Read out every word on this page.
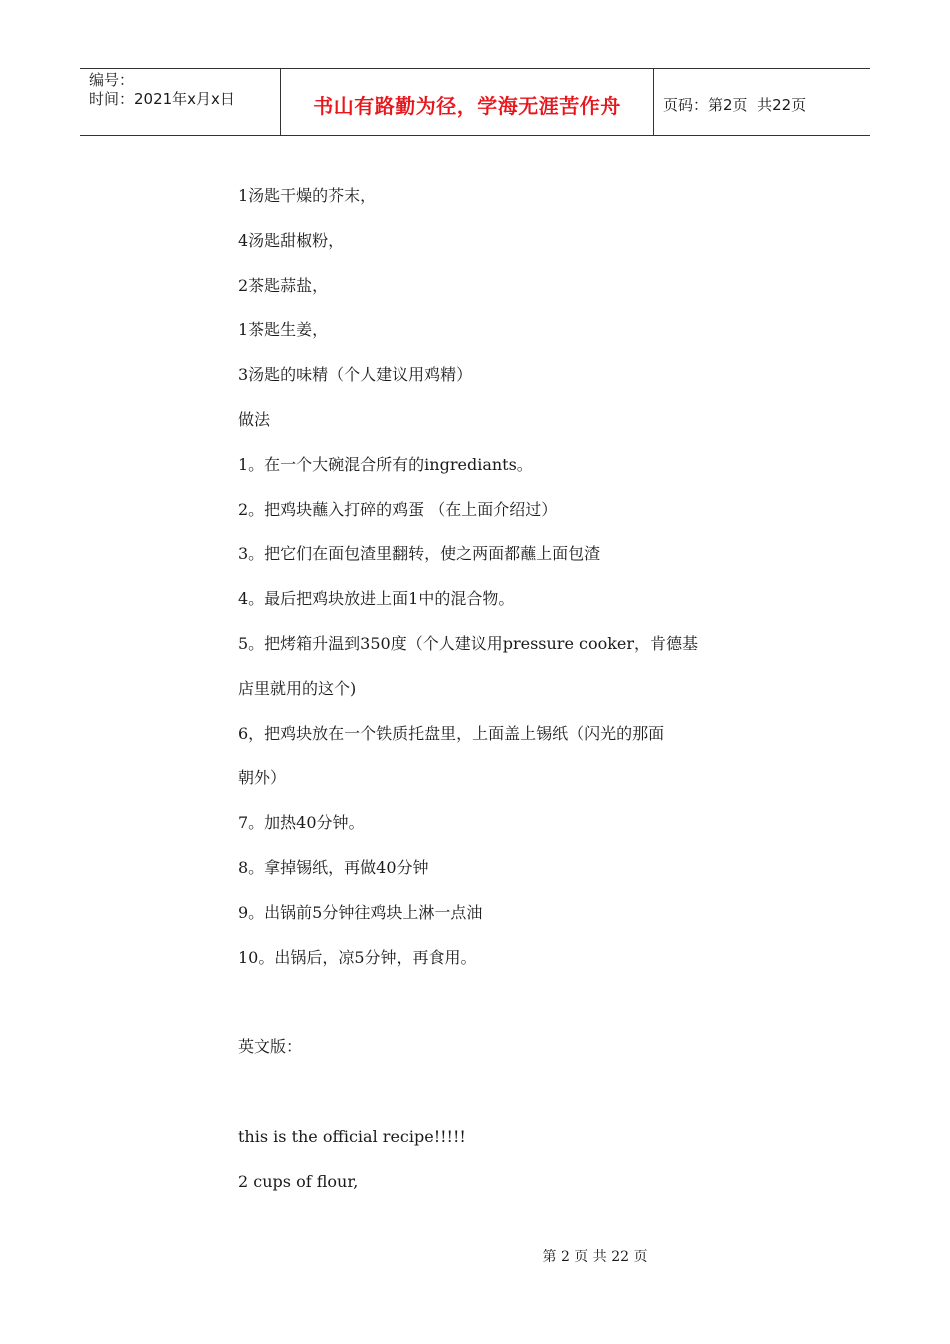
编号：
时间：2021年x月x日	书山有路勤为径，学海无涯苦作舟	页码：第2页  共22页
1汤匙干燥的芥末，
4汤匙甜椒粉，
2茶匙蒜盐，
1茶匙生姜，
3汤匙的味精（个人建议用鸡精）
做法
1。在一个大碗混合所有的ingrediants。
2。把鸡块蘸入打碎的鸡蛋 （在上面介绍过）
3。把它们在面包渣里翻转，使之两面都蘸上面包渣
4。最后把鸡块放进上面1中的混合物。
5。把烤箱升温到350度（个人建议用pressure cooker，肯德基
店里就用的这个)
6，把鸡块放在一个铁质托盘里，上面盖上锡纸（闪光的那面
朝外）
7。加热40分钟。
8。拿掉锡纸，再做40分钟
9。出锅前5分钟往鸡块上淋一点油
10。出锅后，凉5分钟，再食用。
英文版：
this is the official recipe!!!!!
2 cups of flour,
第 2 页 共 22 页
